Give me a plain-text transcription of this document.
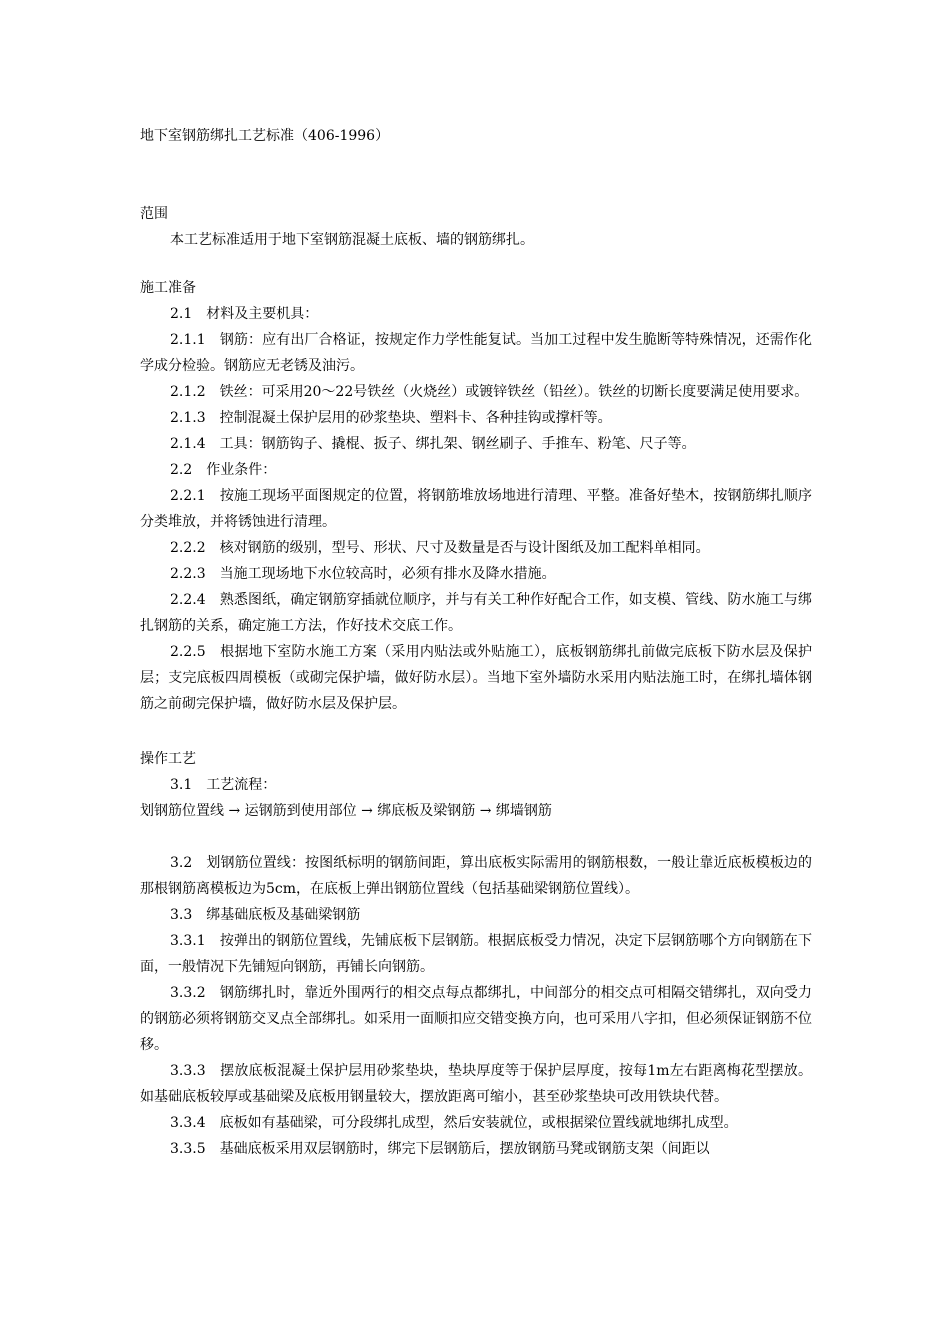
地下室钢筋绑扎工艺标准（406-1996）
范围

本工艺标准适用于地下室钢筋混凝土底板、墙的钢筋绑扎。

施工准备

2.1　材料及主要机具：

2.1.1　钢筋：应有出厂合格证，按规定作力学性能复试。当加工过程中发生脆断等特殊情况，还需作化学成分检验。钢筋应无老锈及油污。

2.1.2　铁丝：可采用20～22号铁丝（火烧丝）或镀锌铁丝（铅丝）。铁丝的切断长度要满足使用要求。

2.1.3　控制混凝土保护层用的砂浆垫块、塑料卡、各种挂钩或撑杆等。

2.1.4　工具：钢筋钩子、撬棍、扳子、绑扎架、钢丝刷子、手推车、粉笔、尺子等。

2.2　作业条件：

2.2.1　按施工现场平面图规定的位置，将钢筋堆放场地进行清理、平整。准备好垫木，按钢筋绑扎顺序分类堆放，并将锈蚀进行清理。

2.2.2　核对钢筋的级别，型号、形状、尺寸及数量是否与设计图纸及加工配料单相同。

2.2.3　当施工现场地下水位较高时，必须有排水及降水措施。

2.2.4　熟悉图纸，确定钢筋穿插就位顺序，并与有关工种作好配合工作，如支模、管线、防水施工与绑扎钢筋的关系，确定施工方法，作好技术交底工作。

2.2.5　根据地下室防水施工方案（采用内贴法或外贴施工），底板钢筋绑扎前做完底板下防水层及保护层；支完底板四周模板（或砌完保护墙，做好防水层）。当地下室外墙防水采用内贴法施工时，在绑扎墙体钢筋之前砌完保护墙，做好防水层及保护层。

操作工艺

3.1　工艺流程：

划钢筋位置线 → 运钢筋到使用部位 → 绑底板及梁钢筋 → 绑墙钢筋

3.2　划钢筋位置线：按图纸标明的钢筋间距，算出底板实际需用的钢筋根数，一般让靠近底板模板边的那根钢筋离模板边为5cm，在底板上弹出钢筋位置线（包括基础梁钢筋位置线）。

3.3　绑基础底板及基础梁钢筋

3.3.1　按弹出的钢筋位置线，先铺底板下层钢筋。根据底板受力情况，决定下层钢筋哪个方向钢筋在下面，一般情况下先铺短向钢筋，再铺长向钢筋。

3.3.2　钢筋绑扎时，靠近外围两行的相交点每点都绑扎，中间部分的相交点可相隔交错绑扎，双向受力的钢筋必须将钢筋交叉点全部绑扎。如采用一面顺扣应交错变换方向，也可采用八字扣，但必须保证钢筋不位移。

3.3.3　摆放底板混凝土保护层用砂浆垫块，垫块厚度等于保护层厚度，按每1m左右距离梅花型摆放。如基础底板较厚或基础梁及底板用钢量较大，摆放距离可缩小，甚至砂浆垫块可改用铁块代替。

3.3.4　底板如有基础梁，可分段绑扎成型，然后安装就位，或根据梁位置线就地绑扎成型。

3.3.5　基础底板采用双层钢筋时，绑完下层钢筋后，摆放钢筋马凳或钢筋支架（间距以
